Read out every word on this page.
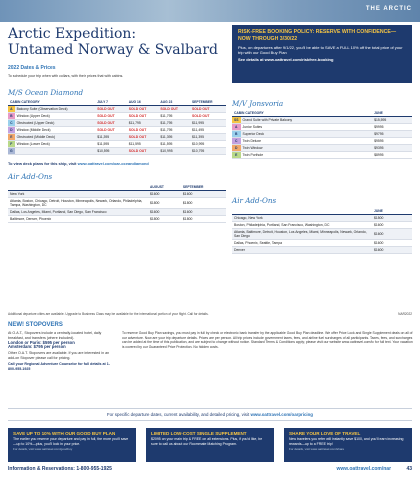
THE ARCTIC
Arctic Expedition:
Untamed Norway & Svalbard
2022 Dates & Prices
To schedule your trip when with collars, with their prices that with cabins.
RISK-FREE BOOKING POLICY: RESERVE WITH CONFIDENCE—NOW THROUGH 3/30/22

Plus, on departures after 9/1/22, you'll be able to SAVE a FULL 10% off the total price of your trip with our Good Buy Plan

See details at www.oattravel.com/riskfree-booking

M/S Ocean Diamond
CABIN CATEGORY		JULY 7	AUG 16	AUG 23	SEPTEMBER
A	Balcony Suite (Observation Deck)	SOLD OUT	SOLD OUT	SOLD OUT	SOLD OUT
B	Window (Upper Deck)	SOLD OUT	SOLD OUT	$11,795	SOLD OUT
C	Obstructed (Upper Deck)	SOLD OUT	$11,795	$11,795	$11,995
D	Window (Middle Deck)	SOLD OUT	SOLD OUT	$11,795	$11,495
E	Obstructed (Middle Deck)	$11,395	SOLD OUT	$11,395	$11,395
F	Window (Lower Deck)	$11,595	$11,595	$11,595	$10,995
G		$10,595	SOLD OUT	$10,995	$10,795
To view deck plans for this ship, visit www.oattravel.com/oar-oceandiamond
M/V Jonsvoria
CABIN CATEGORY		JUNE
SS	Grand Suite with Private Balcony	$15,595
A	Junior Suites	$9995
B	Superior Deck	$9795
C	Twin Deluxe	$9595
D	Twin Window	$9395
E	Twin Porthole	$8995
Air Add-Ons
	AUGUST	SEPTEMBER
New York	$1600	$1600
Atlanta, Boston, Chicago, Detroit, Houston, Minneapolis, Newark, Orlando, Philadelphia, Tampa, Washington, DC	$1800	$1800
Dallas, Los Angeles, Miami, Portland, San Diego, San Francisco	$1600	$1600
Baltimore, Denver, Phoenix	$1800	$1800
Air Add-Ons
	JUNE
Chicago, New York	$1500
Boston, Philadelphia, Portland, San Francisco, Washington, DC	$1600
Atlanta, Baltimore, Detroit, Houston, Los Angeles, Miami, Minneapolis, Newark, Orlando, San Diego	$1600
Dallas, Phoenix, Seattle, Tampa	$1600
Denver	$1600
Additional departure cities are available. Upgrade to Business Class may be available for the international portion of your flight. Call for details.	NAR2022
NEW! STOPOVERS
At O.A.T., Stopovers include a centrally-located hotel, daily breakfast, and transfers (where included).
London or Paris: $595 per person
Amsterdam: $795 per person
Other O.A.T. Stopovers are available. If you are interested in an add-on Stopover please call for pricing.
Call your Regional Adventure Counselor for full details at 1-800-955-1925
To reserve Good Buy Plan savings, you must pay in full by check or electronic bank transfer by the applicable Good Buy Plan deadline. We offer Price Lock and Single Supplement deals on all of our adventure. Now are your trip departure details. Prices are per person. All trip prices include government taxes, fees, and airline fuel surcharges of all participants. Taxes, fees, and surcharges can be added at the time of this publication, and are subject to change without notice. Standard Terms & Conditions apply; please visit our website www.oattravel.com/tc for full text. Your vacation is covered by our Guaranteed Price Protection. No hidden costs.
For specific departure dates, current availability, and detailed pricing, visit www.oattravel.com/oarpricing
SAVE UP TO 10% WITH OUR GOOD BUY PLAN

The earlier you reserve your departure and pay in full, the more you'll save—up to 10%—plus, you'll lock in your price.

For details, visit www.oattravel.com/goodbuy

LIMITED LOW-COST SINGLE SUPPLEMENT

$2095 on your main trip & FREE on all extensions. Plus, if you'd like, be sure to call us about our Roommate Matching Program.

SHARE YOUR LOVE OF TRAVEL

New travelers you refer will instantly save $100, and you'll earn increasing rewards—up to a FREE trip!

For details, visit www.oattravel.com/share

Information & Reservations: 1-800-955-1925	www.oattravel.com/nar	43
